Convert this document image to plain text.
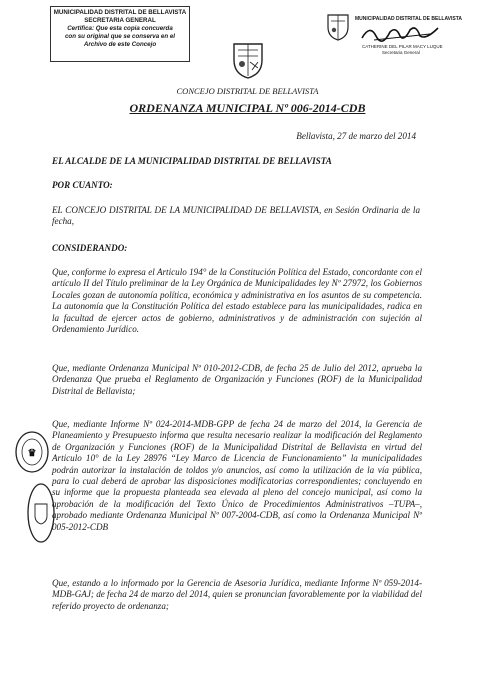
MUNICIPALIDAD DISTRITAL DE BELLAVISTA
SECRETARIA GENERAL
Certifica: Que esta copia concuerda
con su original que se conserva en el
Archivo de este Concejo
MUNICIPALIDAD DISTRITAL DE BELLAVISTA
CATHERINE DEL PILAR MACY LUQUE
Secretaria General
CONCEJO DISTRITAL DE BELLAVISTA
ORDENANZA MUNICIPAL Nº 006-2014-CDB
Bellavista, 27 de marzo del 2014

EL ALCALDE DE LA MUNICIPALIDAD DISTRITAL DE BELLAVISTA

POR CUANTO:

EL CONCEJO DISTRITAL DE LA MUNICIPALIDAD DE BELLAVISTA, en Sesión Ordinaria de la fecha,

CONSIDERANDO:

Que, conforme lo expresa el Articulo 194° de la Constitución Política del Estado, concordante con el artículo II del Título preliminar de la Ley Orgánica de Municipalidades ley Nº 27972, los Gobiernos Locales gozan de autonomía política, económica y administrativa en los asuntos de su competencia. La autonomía que la Constitución Política del estado establece para las municipalidades, radica en la facultad de ejercer actos de gobierno, administrativos y de administración con sujeción al Ordenamiento Jurídico.

Que, mediante Ordenanza Municipal Nº 010-2012-CDB, de fecha 25 de Julio del 2012, aprueba la Ordenanza Que prueba el Reglamento de Organización y Funciones (ROF) de la Municipalidad Distrital de Bellavista;

Que, mediante Informe Nº 024-2014-MDB-GPP de fecha 24 de marzo del 2014, la Gerencia de Planeamiento y Presupuesto informa que resulta necesario realizar la modificación del Reglamento de Organización y Funciones (ROF) de la Municipalidad Distrital de Bellavista en virtud del Articulo 10° de la Ley 28976 “Ley Marco de Licencia de Funcionamiento” la municipalidades podrán autorizar la instalación de toldos y/o anuncios, así como la utilización de la vía pública, para lo cual deberá de aprobar las disposiciones modificatorias correspondientes; concluyendo en su informe que la propuesta planteada sea elevada al pleno del concejo municipal, así como la aprobación de la modificación del Texto Único de Procedimientos Administrativos –TUPA–, aprobado mediante Ordenanza Municipal Nº 007-2004-CDB, así como la Ordenanza Municipal Nº 005-2012-CDB

Que, estando a lo informado por la Gerencia de Asesoria Jurídica, mediante Informe Nº 059-2014-MDB-GAJ; de fecha 24 de marzo del 2014, quien se pronuncian favorablemente por la viabilidad del referido proyecto de ordenanza;

♛
